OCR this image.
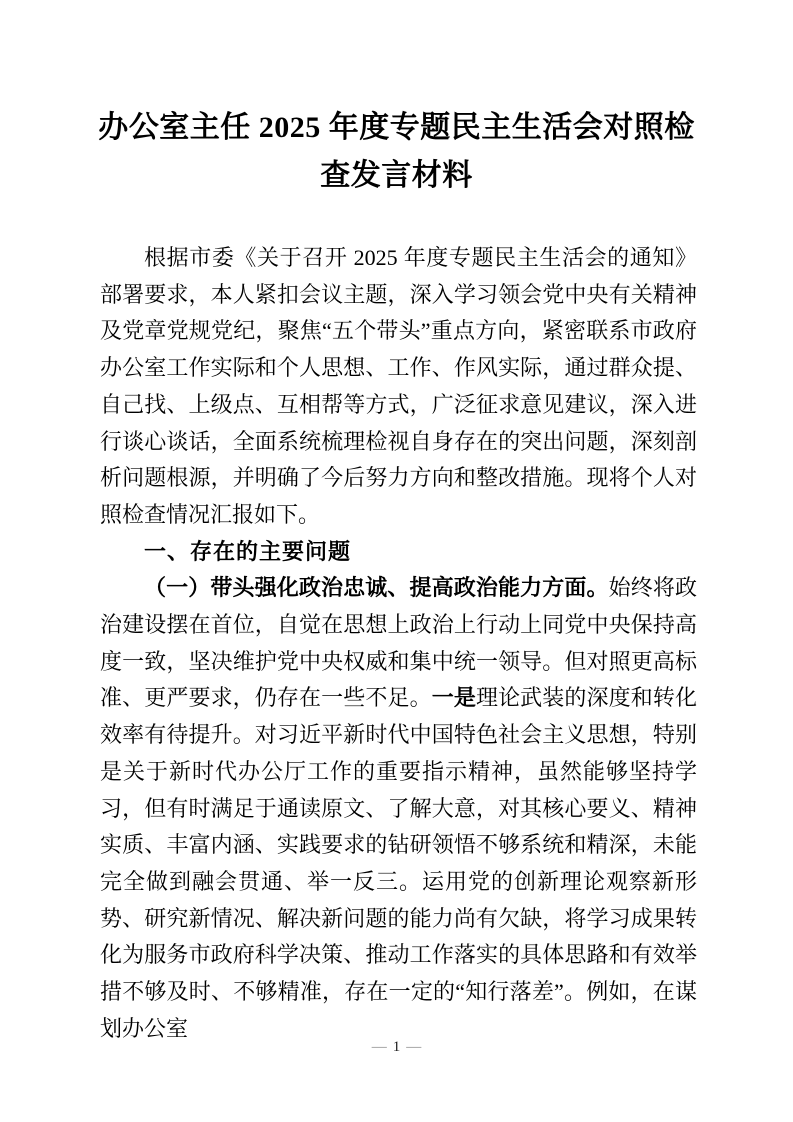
办公室主任 2025 年度专题民主生活会对照检查发言材料

根据市委《关于召开 2025 年度专题民主生活会的通知》部署要求，本人紧扣会议主题，深入学习领会党中央有关精神及党章党规党纪，聚焦“五个带头”重点方向，紧密联系市政府办公室工作实际和个人思想、工作、作风实际，通过群众提、自己找、上级点、互相帮等方式，广泛征求意见建议，深入进行谈心谈话，全面系统梳理检视自身存在的突出问题，深刻剖析问题根源，并明确了今后努力方向和整改措施。现将个人对照检查情况汇报如下。

一、存在的主要问题

（一）带头强化政治忠诚、提高政治能力方面。始终将政治建设摆在首位，自觉在思想上政治上行动上同党中央保持高度一致，坚决维护党中央权威和集中统一领导。但对照更高标准、更严要求，仍存在一些不足。一是理论武装的深度和转化效率有待提升。对习近平新时代中国特色社会主义思想，特别是关于新时代办公厅工作的重要指示精神，虽然能够坚持学习，但有时满足于通读原文、了解大意，对其核心要义、精神实质、丰富内涵、实践要求的钻研领悟不够系统和精深，未能完全做到融会贯通、举一反三。运用党的创新理论观察新形势、研究新情况、解决新问题的能力尚有欠缺，将学习成果转化为服务市政府科学决策、推动工作落实的具体思路和有效举措不够及时、不够精准，存在一定的“知行落差”。例如，在谋划办公室

— 1 —
